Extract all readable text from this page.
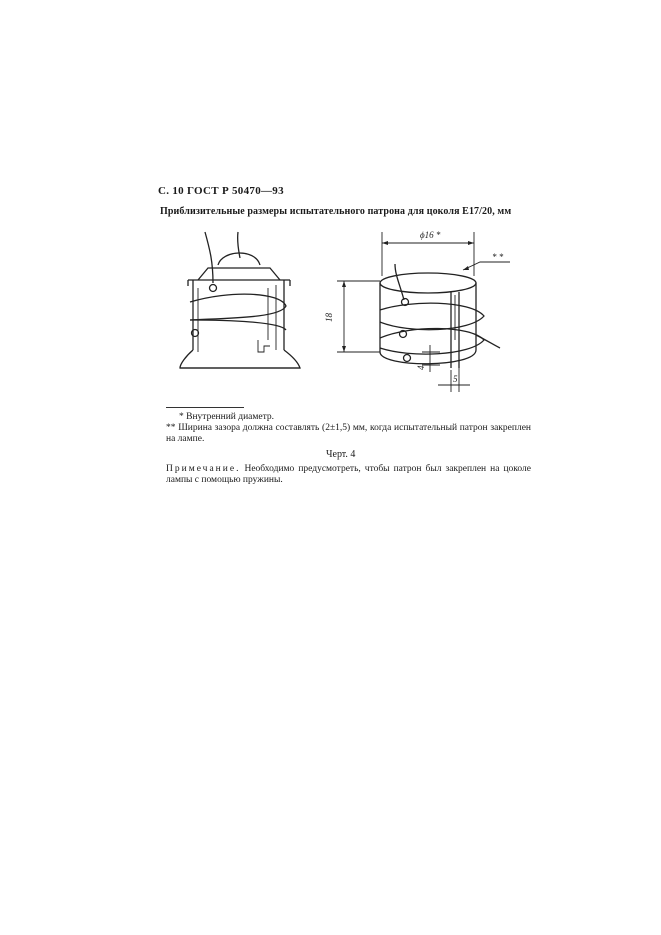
С. 10 ГОСТ Р 50470—93
Приблизительные размеры испытательного патрона для цоколя E17/20, мм
ϕ16 *
* *
18
4
5
* Внутренний диаметр.
** Ширина зазора должна составлять (2±1,5) мм, когда испытательный патрон закреплен на лампе.
Черт. 4
Примечание. Необходимо предусмотреть, чтобы патрон был закреплен на цоколе лампы с помощью пружины.
